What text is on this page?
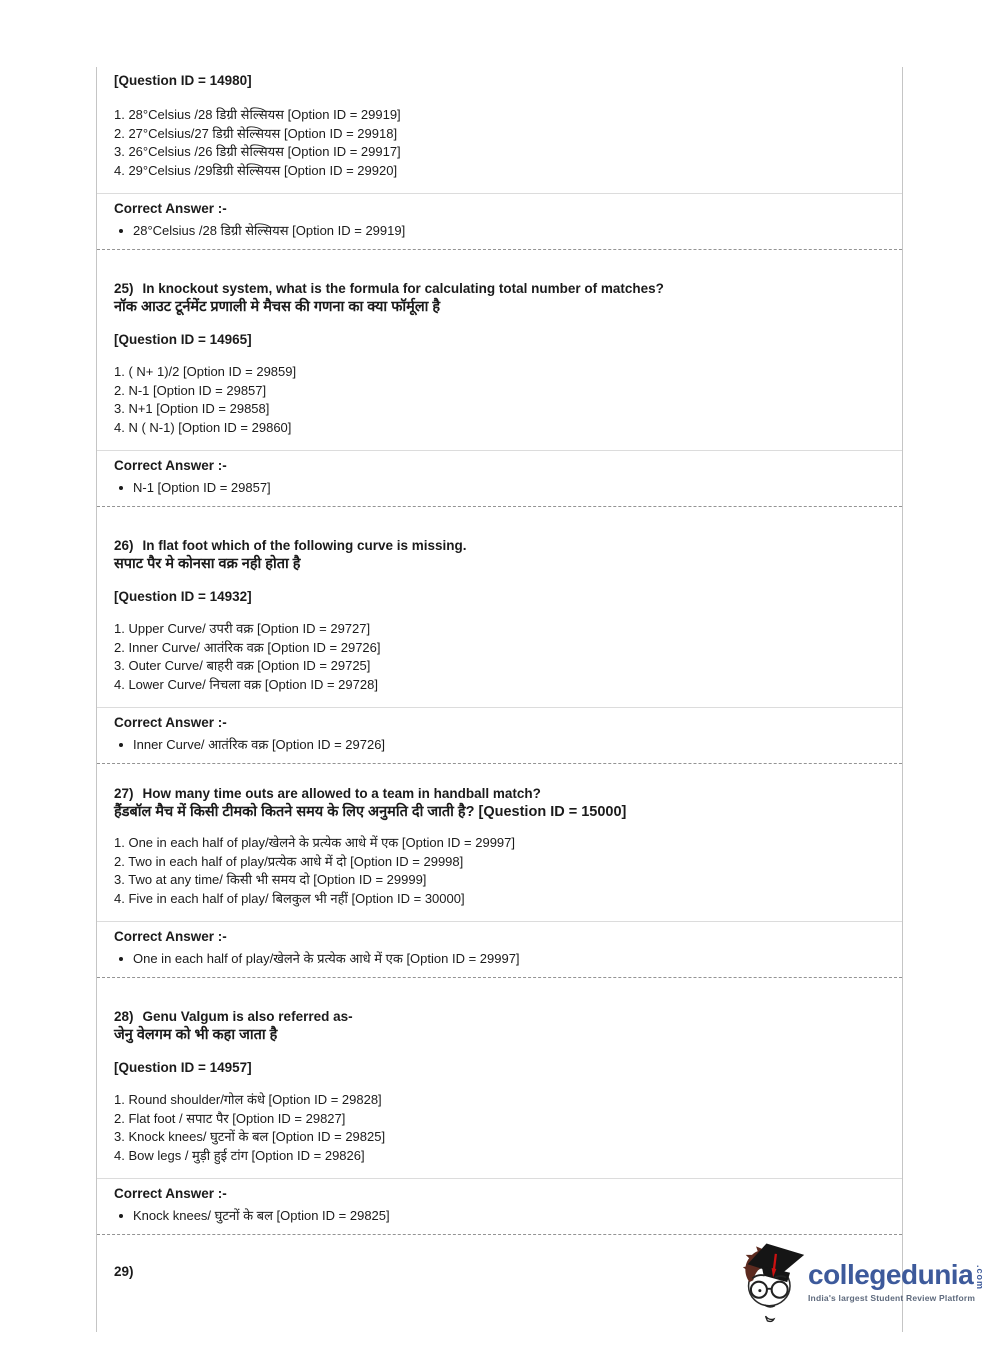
[Question ID = 14980]
1. 28°Celsius /28 डिग्री सेल्सियस [Option ID = 29919]
2. 27°Celsius/27 डिग्री सेल्सियस [Option ID = 29918]
3. 26°Celsius /26 डिग्री सेल्सियस [Option ID = 29917]
4. 29°Celsius /29डिग्री सेल्सियस [Option ID = 29920]
Correct Answer :-
28°Celsius /28 डिग्री सेल्सियस [Option ID = 29919]
25) In knockout system, what is the formula for calculating total number of matches?
नॉक आउट टूर्नमेंट प्रणाली मे मैचस की गणना का क्या फॉर्मूला है
[Question ID = 14965]
1. ( N+ 1)/2 [Option ID = 29859]
2. N-1 [Option ID = 29857]
3. N+1 [Option ID = 29858]
4. N ( N-1) [Option ID = 29860]
Correct Answer :-
N-1 [Option ID = 29857]
26) In flat foot which of the following curve is missing.
सपाट पैर मे कोनसा वक्र नही होता है
[Question ID = 14932]
1. Upper Curve/ उपरी वक्र [Option ID = 29727]
2. Inner Curve/ आतंरिक वक्र [Option ID = 29726]
3. Outer Curve/ बाहरी वक्र [Option ID = 29725]
4. Lower Curve/ निचला वक्र [Option ID = 29728]
Correct Answer :-
Inner Curve/ आतंरिक वक्र [Option ID = 29726]
27) How many time outs are allowed to a team in handball match?
हैंडबॉल मैच में किसी टीमको कितने समय के लिए अनुमति दी जाती है? [Question ID = 15000]
1. One in each half of play/खेलने के प्रत्येक आधे में एक [Option ID = 29997]
2. Two in each half of play/प्रत्येक आधे में दो [Option ID = 29998]
3. Two at any time/ किसी भी समय दो [Option ID = 29999]
4. Five in each half of play/ बिलकुल भी नहीं [Option ID = 30000]
Correct Answer :-
One in each half of play/खेलने के प्रत्येक आधे में एक [Option ID = 29997]
28) Genu Valgum is also referred as-
जेनु वेलगम को भी कहा जाता है
[Question ID = 14957]
1. Round shoulder/गोल कंधे [Option ID = 29828]
2. Flat foot / सपाट पैर [Option ID = 29827]
3. Knock knees/ घुटनों के बल [Option ID = 29825]
4. Bow legs / मुड़ी हुई टांग [Option ID = 29826]
Correct Answer :-
Knock knees/ घुटनों के बल [Option ID = 29825]
29)	collegedunia .com
India's largest Student Review Platform
